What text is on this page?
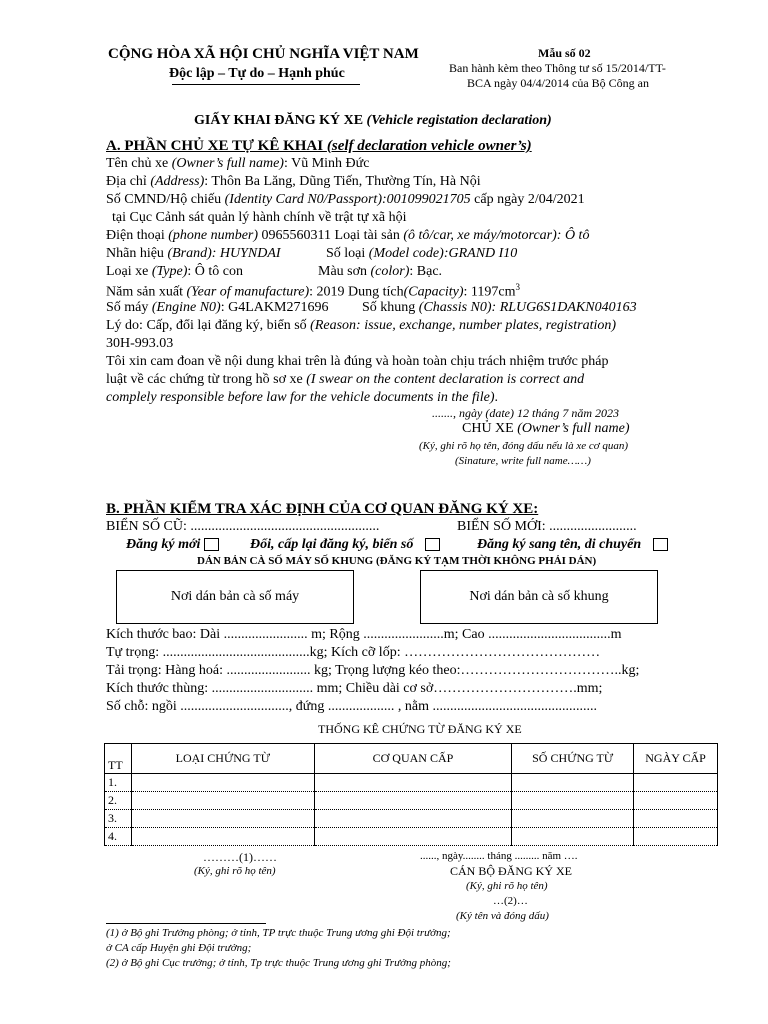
CỘNG HÒA XÃ HỘI CHỦ NGHĨA VIỆT NAM
Độc lập – Tự do – Hạnh phúc
Mẫu số 02
Ban hành kèm theo Thông tư số 15/2014/TT-
BCA ngày 04/4/2014 của Bộ Công an
GIẤY KHAI ĐĂNG KÝ XE (Vehicle registation declaration)
A. PHẦN CHỦ XE TỰ KÊ KHAI (self declaration vehicle owner’s)
Tên chủ xe (Owner’s full name): Vũ Minh Đức
Địa chỉ (Address): Thôn Ba Lăng, Dũng Tiến, Thường Tín, Hà Nội
Số CMND/Hộ chiếu (Identity Card N0/Passport):001099021705 cấp ngày 2/04/2021
tại Cục Cảnh sát quản lý hành chính về trật tự xã hội
Điện thoại (phone number) 0965560311 Loại tài sản (ô tô/car, xe máy/motorcar): Ô tô
Nhãn hiệu (Brand): HUYNDAI	Số loại (Model code):GRAND I10
Loại xe (Type): Ô tô con	Màu sơn (color): Bạc.
Năm sản xuất (Year of manufacture): 2019 Dung tích(Capacity): $1197cm^3$
Số máy (Engine N0): G4LAKM271696 Số khung (Chassis N0): RLUG6S1DAKN040163
Lý do: Cấp, đổi lại đăng ký, biển số (Reason: issue, exchange, number plates, registration)
30H-993.03
Tôi xin cam đoan về nội dung khai trên là đúng và hoàn toàn chịu trách nhiệm trước pháp
luật về các chứng từ trong hồ sơ xe (I swear on the content declaration is correct and
complely responsible before law for the vehicle documents in the file).
......., ngày (date) 12 tháng 7 năm 2023
CHỦ XE (Owner’s full name)
(Ký, ghi rõ họ tên, đóng dấu nếu là xe cơ quan)
(Sinature, write full name……)
B. PHẦN KIỂM TRA XÁC ĐỊNH CỦA CƠ QUAN ĐĂNG KÝ XE:
BIỂN SỐ CŨ: ......................................................	BIỂN SỐ MỚI: .........................
Đăng ký mới	Đổi, cấp lại đăng ký, biển số	Đăng ký sang tên, di chuyển
DÁN BẢN CÀ SỐ MÁY SỐ KHUNG (ĐĂNG KÝ TẠM THỜI KHÔNG PHẢI DÁN)
Nơi dán bản cà số máy	Nơi dán bản cà số khung
Kích thước bao: Dài ........................ m; Rộng .......................m; Cao ...................................m
Tự trọng: ..........................................kg; Kích cỡ lốp: ……………………………………
Tải trọng: Hàng hoá: ........................ kg; Trọng lượng kéo theo:……………………………..kg;
Kích thước thùng: ............................. mm; Chiều dài cơ sở………………………….mm;
Số chỗ: ngồi ..............................., đứng ................... , nằm ...............................................
THỐNG KÊ CHỨNG TỪ ĐĂNG KÝ XE
TT	LOẠI CHỨNG TỪ	CƠ QUAN CẤP	SỐ CHỨNG TỪ	NGÀY CẤP
1.				
2.				
3.				
4.				
………(1)……
(Ký, ghi rõ họ tên)
......, ngày........ tháng ......... năm ….
CÁN BỘ ĐĂNG KÝ XE
(Ký, ghi rõ họ tên)
…(2)…
(Ký tên và đóng dấu)
(1) ở Bộ ghi Trưởng phòng; ở tỉnh, TP trực thuộc Trung ương ghi Đội trưởng;
ở CA cấp Huyện ghi Đội trưởng;
(2) ở Bộ ghi Cục trưởng; ở tỉnh, Tp trực thuộc Trung ương ghi Trưởng phòng;
